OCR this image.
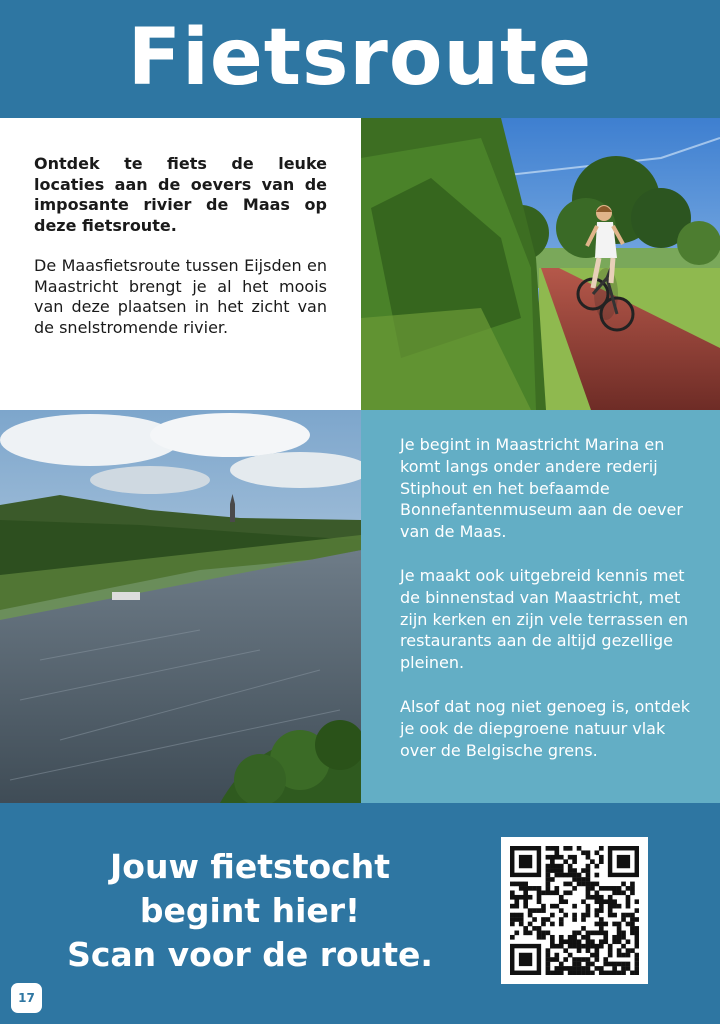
Fietsroute

Ontdek te fiets de leuke locaties aan de oevers van de imposante rivier de Maas op deze fietsroute.

De Maasfietsroute tussen Eijsden en Maastricht brengt je al het moois van deze plaatsen in het zicht van de snelstromende rivier.

Je begint in Maastricht Marina en komt langs onder andere rederij Stiphout en het befaamde Bonnefantenmuseum aan de oever van de Maas.

Je maakt ook uitgebreid kennis met de binnenstad van Maastricht, met zijn kerken en zijn vele terrassen en restaurants aan de altijd gezellige pleinen.

Alsof dat nog niet genoeg is, ontdek je ook de diepgroene natuur vlak over de Belgische grens.

Jouw fietstocht
begint hier!
Scan voor de route.
17
